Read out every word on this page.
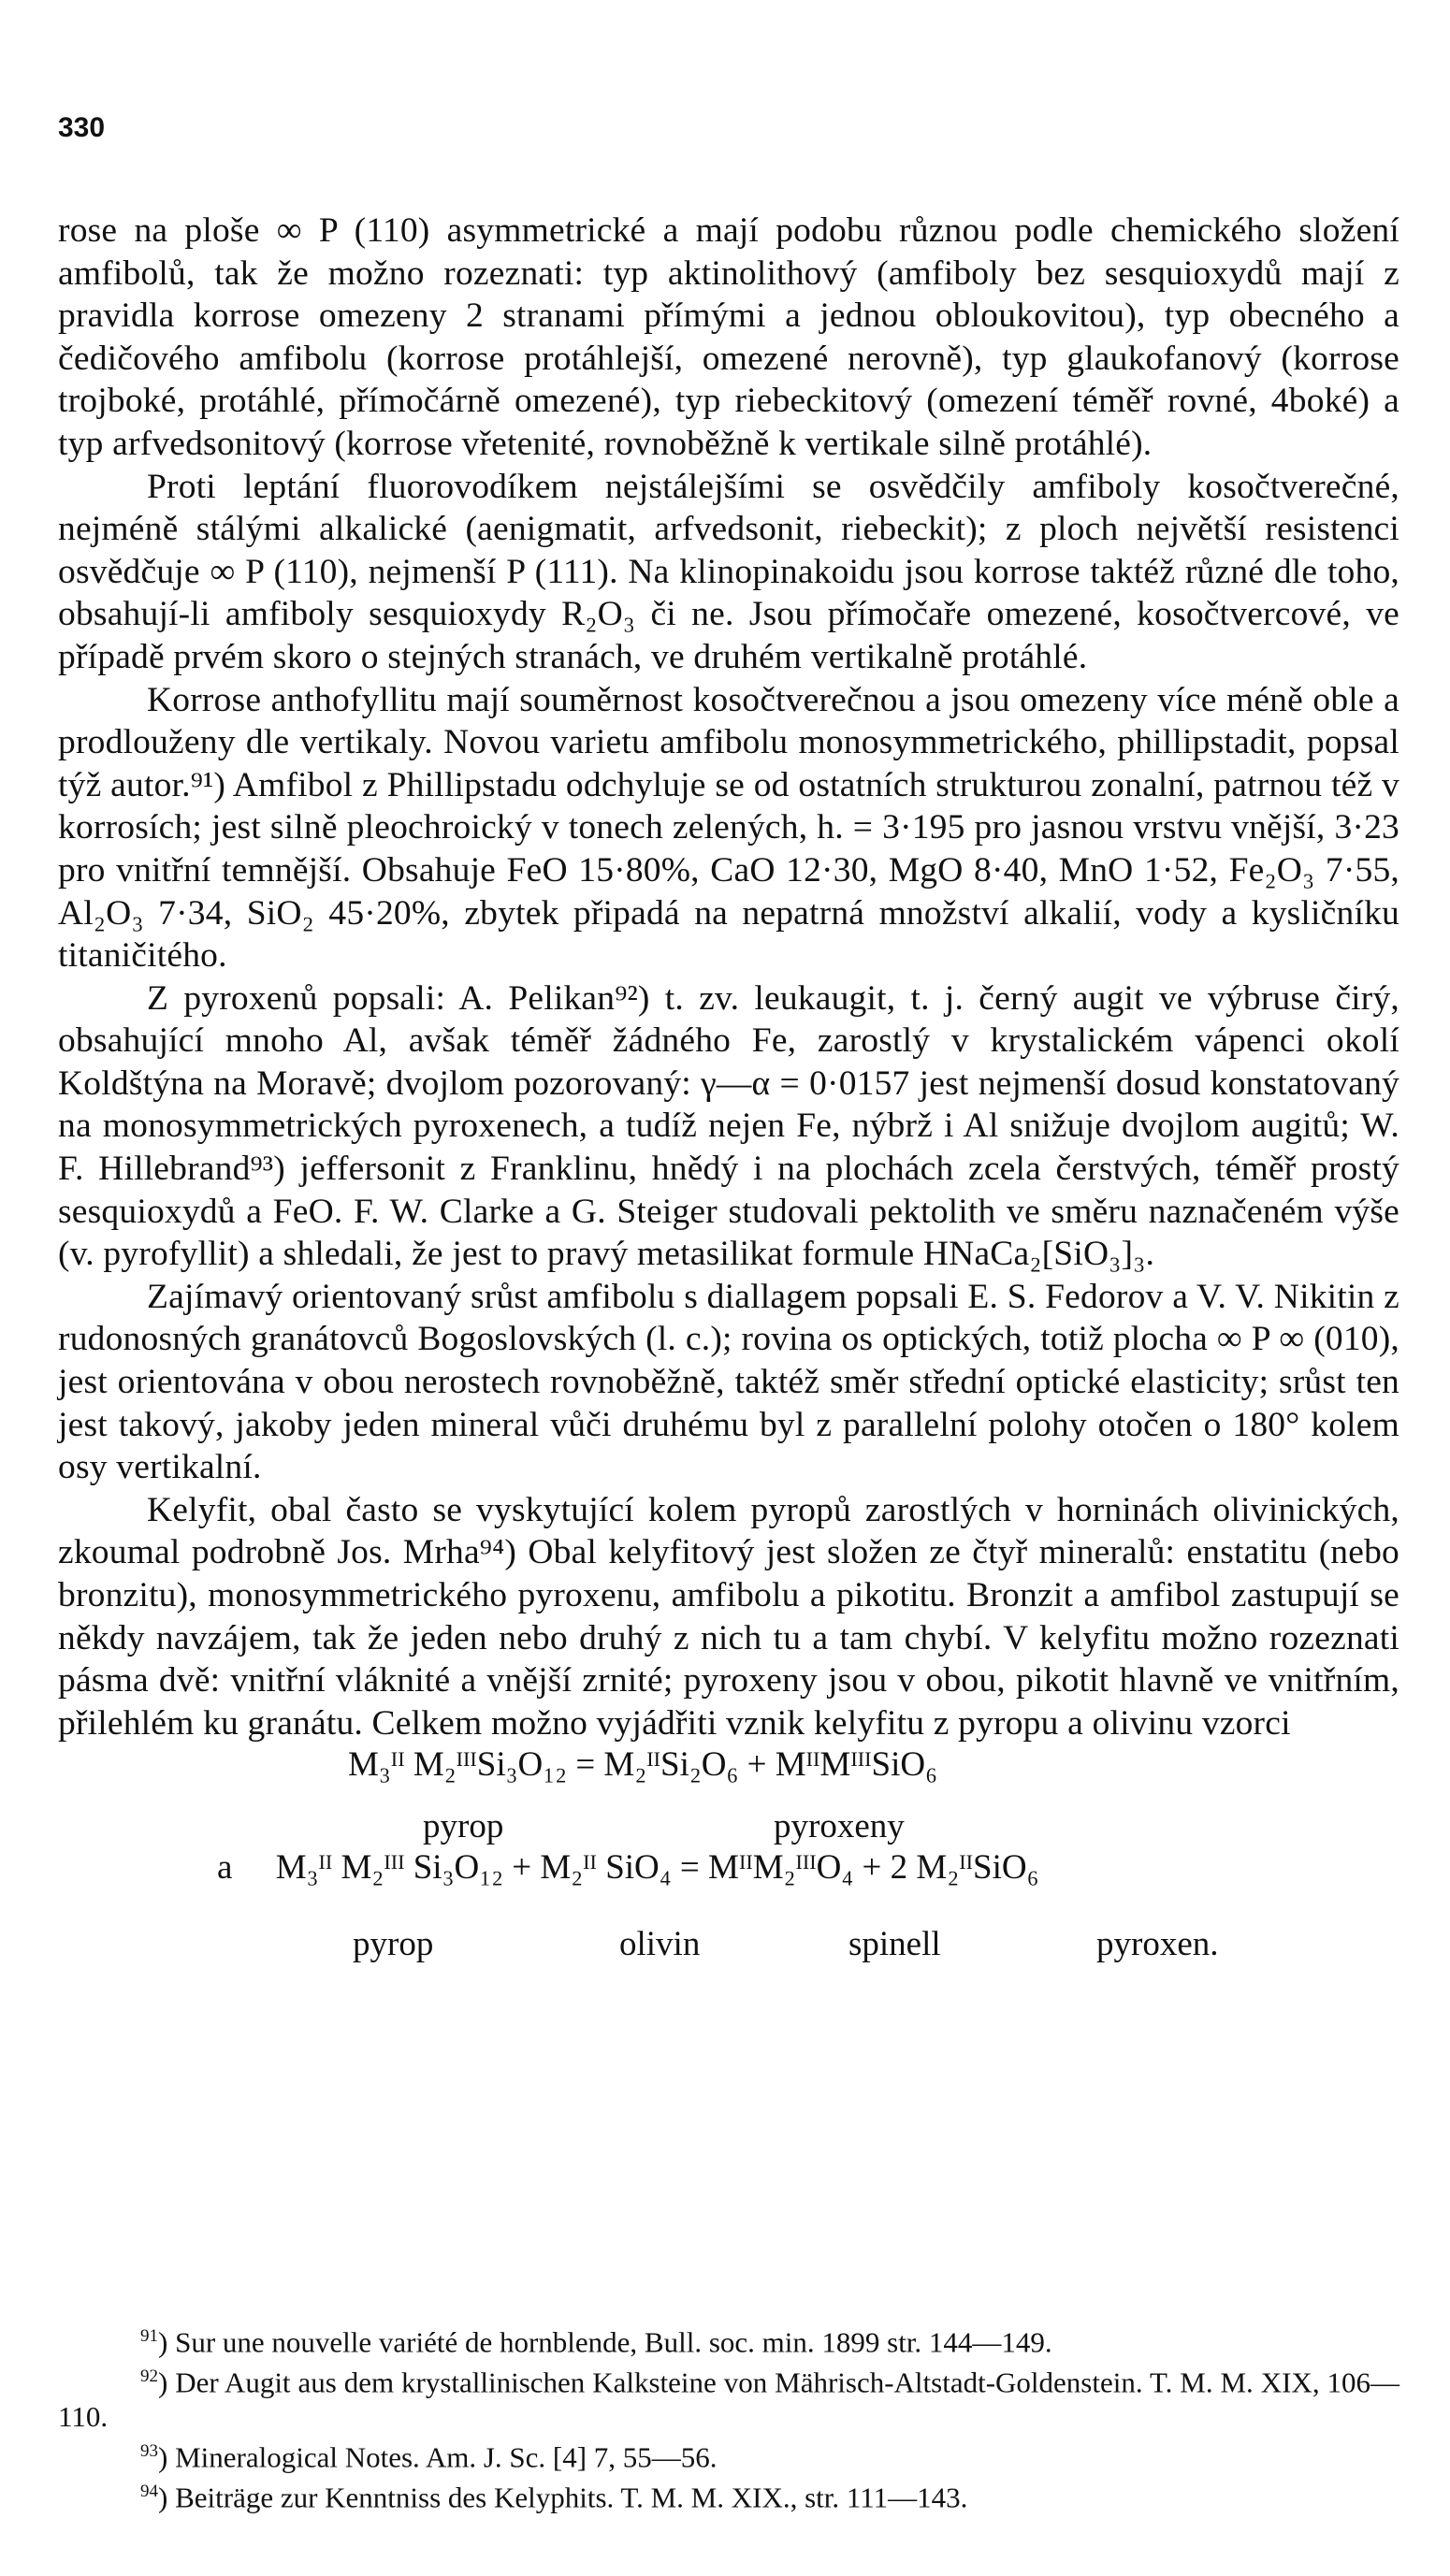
330

rose na ploše ∞ P (110) asymmetrické a mají podobu různou podle chemického složení amfibolů, tak že možno rozeznati: typ aktinolithový (amfiboly bez sesquioxydů mají z pravidla korrose omezeny 2 stranami přímými a jednou obloukovitou), typ obecného a čedičového amfibolu (korrose protáhlejší, omezené nerovně), typ glaukofanový (korrose trojboké, protáhlé, přímočárně omezené), typ riebeckitový (omezení téměř rovné, 4boké) a typ arfvedsonitový (korrose vřetenité, rovnoběžně k vertikale silně protáhlé).

Proti leptání fluorovodíkem nejstálejšími se osvědčily amfiboly kosočtverečné, nejméně stálými alkalické (aenigmatit, arfvedsonit, riebeckit); z ploch největší resistenci osvědčuje ∞ P (110), nejmenší P (111). Na klinopinakoidu jsou korrose taktéž různé dle toho, obsahují-li amfiboly sesquioxydy R₂O₃ či ne. Jsou přímočaře omezené, kosočtvercové, ve případě prvém skoro o stejných stranách, ve druhém vertikalně protáhlé.

Korrose anthofyllitu mají souměrnost kosočtverečnou a jsou omezeny více méně oble a prodlouženy dle vertikaly. Novou varietu amfibolu monosymmetrického, phillipstadit, popsal týž autor.⁹¹) Amfibol z Phillipstadu odchyluje se od ostatních strukturou zonalní, patrnou též v korrosích; jest silně pleochroický v tonech zelených, h. = 3·195 pro jasnou vrstvu vnější, 3·23 pro vnitřní temnější. Obsahuje FeO 15·80%, CaO 12·30, MgO 8·40, MnO 1·52, Fe₂O₃ 7·55, Al₂O₃ 7·34, SiO₂ 45·20%, zbytek připadá na nepatrná množství alkalií, vody a kysličníku titaničitého.

Z pyroxenů popsali: A. Pelikan⁹²) t. zv. leukaugit, t. j. černý augit ve výbruse čirý, obsahující mnoho Al, avšak téměř žádného Fe, zarostlý v krystalickém vápenci okolí Koldštýna na Moravě; dvojlom pozorovaný: γ—α = 0·0157 jest nejmenší dosud konstatovaný na monosymmetrických pyroxenech, a tudíž nejen Fe, nýbrž i Al snižuje dvojlom augitů; W. F. Hillebrand⁹³) jeffersonit z Franklinu, hnědý i na plochách zcela čerstvých, téměř prostý sesquioxydů a FeO. F. W. Clarke a G. Steiger studovali pektolith ve směru naznačeném výše (v. pyrofyllit) a shledali, že jest to pravý metasilikat formule HNaCa₂[SiO₃]₃.

Zajímavý orientovaný srůst amfibolu s diallagem popsali E. S. Fedorov a V. V. Nikitin z rudonosných granátovců Bogoslovských (l. c.); rovina os optických, totiž plocha ∞ P ∞ (010), jest orientována v obou nerostech rovnoběžně, taktéž směr střední optické elasticity; srůst ten jest takový, jakoby jeden mineral vůči druhému byl z parallelní polohy otočen o 180° kolem osy vertikalní.

Kelyfit, obal často se vyskytující kolem pyropů zarostlých v horninách olivinických, zkoumal podrobně Jos. Mrha⁹⁴) Obal kelyfitový jest složen ze čtyř mineralů: enstatitu (nebo bronzitu), monosymmetrického pyroxenu, amfibolu a pikotitu. Bronzit a amfibol zastupují se někdy navzájem, tak že jeden nebo druhý z nich tu a tam chybí. V kelyfitu možno rozeznati pásma dvě: vnitřní vláknité a vnější zrnité; pyroxeny jsou v obou, pikotit hlavně ve vnitřním, přilehlém ku granátu. Celkem možno vyjádřiti vznik kelyfitu z pyropu a olivinu vzorci

M₃ᴵᴵ M₂ᴵᴵᴵSi₃O₁₂ = M₂ᴵᴵSi₂O₆ + MᴵᴵMᴵᴵᴵSiO₆
pyrop	pyroxeny
a M₃ᴵᴵ M₂ᴵᴵᴵ Si₃O₁₂ + M₂ᴵᴵ SiO₄ = MᴵᴵM₂ᴵᴵᴵO₄ + 2 M₂ᴵᴵSiO₆
pyrop	olivin	spinell	pyroxen.

$^{91}$) Sur une nouvelle variété de hornblende, Bull. soc. min. 1899 str. 144—149.

$^{92}$) Der Augit aus dem krystallinischen Kalksteine von Mährisch-Altstadt-Goldenstein. T. M. M. XIX, 106—110.

$^{93}$) Mineralogical Notes. Am. J. Sc. [4] 7, 55—56.

$^{94}$) Beiträge zur Kenntniss des Kelyphits. T. M. M. XIX., str. 111—143.
